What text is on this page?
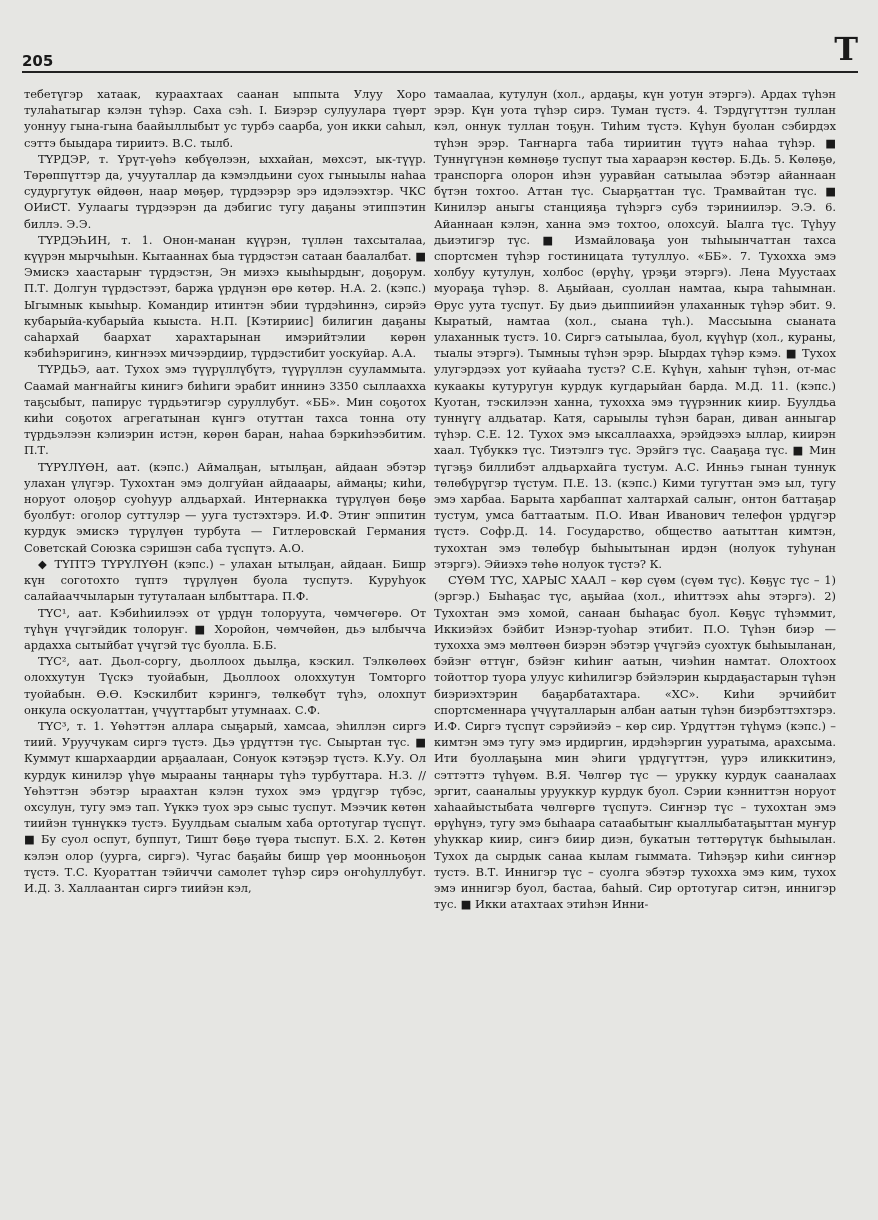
205	Т

тебетүгэр хатаак, кураахтаах саанан ыппыта Улуу Хоро тулаһатыгар кэлэн түһэр. Саха сэһ. I. Биэрэр сулуулара түөрт уоннуу гына-гына баайыллыбыт ус турбэ саарба, уон икки саһыл, сэттэ быыдара тириитэ. В.С. тылб.

ТҮРДЭР, т. Үрүт-үөһэ көбүөлээн, ыххайан, мөхсэт, ык-түүр. Төрөппүттэр да, учууталлар да кэмэлдьини суох гыныылы наһаа судургутук өйдөөн, наар мөҕөр, түрдээрэр эрэ идэлээхтэр. ЧКС ОИиСТ. Уулаагы түрдээрэн да дэбигис тугу даҕаны этиппэтин биллэ. Э.Э.

ТҮРДЭҺИН, т. 1. Онон-манан күүрэн, түллән тахсыталаа, күүрэн мырчыһын. Кытааннах быа түрдэстэн сатаан баалалбат. ■ Эмискэ хаастарыҥ түрдэстэн, Эн миэхэ кыыһырдыҥ, доҕорум. П.Т. Долгун түрдэстээт, баржа үрдүнэн өрө көтөр. Н.А. 2. (кэпс.) Ыгымнык кыыһыр. Командир итинтэн эбии түрдэһиннэ, сирэйэ кубарыйа-кубарыйа кыыста. Н.П. [Кэтириис] билигин даҕаны саһархай баархат харахтарынан имэрийтэлии көрөн кэбиһэригинэ, киҥнээх мичээрдиир, түрдэстибит уоскуйар. А.А.

ТҮРДЬЭ, аат. Тухох эмэ түүрүллүбүтэ, түүрүллэн сууламмыта. Саамай маҥнайгы кинигэ биһиги эрабит иннинэ 3350 сыллаахха таҕсыбыт, папирус түрдьэтигэр суруллубут. «ББ». Мин соҕотох киһи соҕотох агрегатынан күнгэ отуттан тахса тонна оту түрдьэлээн кэлиэрин истэн, көрөн баран, наһаа бэркиһээбитим. П.Т.

ТҮРҮЛҮӨН, аат. (кэпс.) Аймалҕан, ытылҕан, айдаан эбэтэр улахан үлүгэр. Тухохтан эмэ долгуйан айдааары, аймаңы; киһи, норуот олоҕор суоһуур алдьархай. Интернакка түрүлүөн бөҕө буолбут: оголор суттулэр — ууга тустэхтэрэ. И.Ф. Этиҥ эппитин курдук эмискэ түрүлүөн турбута — Гитлеровскай Германия Советскай Союзка сэришэн саба түспүтэ. А.О.

◆ ТҮПТЭ ТҮРҮЛҮӨН (кэпс.) – улахан ытылҕан, айдаан. Бишр күн соготохто түптэ түрүлүөн буола туспутэ. Куруһуок салайааччыларын тутуталаан ылбыттара. П.Ф.

ТҮС¹, аат. Кэбиһиилээх от үрдүн толоруута, чөмчөгөрө. От түһүн үчүгэйдик толоруҥ. ■ Хоройон, чөмчөйөн, дьэ ылбычча ардахха сытыйбат үчүгэй түс буолла. Б.Б.

ТҮС², аат. Дьол-соргу, дьоллоох дьылҕа, кэскил. Тэлкөлөөх олоххутун Түскэ туойабын, Дьоллоох олоххутун Томторго туойабын. Ө.Ө. Кэскилбит кэрингэ, төлкөбүт түһэ, олохпут онкула оскуолаттан, үчүүттарбыт утумнаах. С.Ф.

ТҮС³, т. 1. Үөһэттэн аллара сыҕарый, хамсаа, эһиллэн сиргэ тиий. Уруучукам сиргэ түстэ. Дьэ үрдүттэн түс. Сыыртан түс. ■ Куммут кшархаардии арҕаалаан, Сонуок кэтэҕэр түстэ. К.Уу. Ол курдук кинилэр үһүө мырааны таңнары түһэ турбуттара. Н.З. // Үөһэттэн эбэтэр ыраахтан кэлэн тухох эмэ үрдүгэр түбэс, охсулун, тугу эмэ тап. Үүккэ туох эрэ сыыс туспут. Мээчик көтөн тиийэн түннүккэ тустэ. Буулдьам сыалым хаба ортотугар түспүт. ■ Бу суол оспут, буппут, Тишт бөҕө түөра тыспут. Б.Х. 2. Көтөн кэлэн олор (уурга, сиргэ). Чугас баҕайы бишр үөр моонньоҕон түстэ. Т.С. Куораттан тэйиччи самолет түһэр сирэ оҥоһуллубут. И.Д. 3. Халлаантан сиргэ тиийэн кэл,

тамаалаа, кутулун (хол., ардаҕы, күн уотун этэргэ). Ардах түһэн эрэр. Күн уота түһэр сирэ. Туман түстэ. 4. Тэрдүгүттэн туллан кэл, оннук туллан тоҕун. Тиһим түстэ. Күһун буолан сэбирдэх түһэн эрэр. Таҥнарга таба тириитин түүтэ наһаа түһэр. ■ Туннүгүнэн көмнөҕө туспут тыа хараарэн көстөр. Б.Дь. 5. Көлөҕө, транспорга олорон иһэн ууравйан сатыылаа эбэтэр айаннаан бүтэн тохтоо. Аттан түс. Сыарҕаттан түс. Трамвайтан түс. ■ Кинилэр аныгы станцияҕа түһэргэ субэ тэриниилэр. Э.Э. 6. Айаннаан кэлэн, ханна эмэ тохтоо, олохсуй. Ыалга түс. Түһуу дьиэтигэр түс. ■ Измайловаҕа уон тыһыынчаттан тахса спортсмен түһэр гостиницата тутуллуо. «ББ». 7. Тухохха эмэ холбуу кутулун, холбос (өрүһү, үрэҕи этэргэ). Лена Муустаах муораҕа түһэр. 8. Аҕыйаан, суоллан намтаа, кыра таһымнан. Өрус уута туспут. Бу дьиэ дьиппиийэн улаханнык түһэр эбит. 9. Кыратый, намтаа (хол., сыана түһ.). Массыына сыаната улаханнык тустэ. 10. Сиргэ сатыылаа, буол, күүһүр (хол., кураны, тыалы этэргэ). Тымныы түһэн эрэр. Ыырдах түһэр кэмэ. ■ Тухох улугэрдээх уот куйааһа тустэ? С.Е. Күһүн, хаһыҥ түһэн, от-мас кукаакы кутуругун курдук кугдарыйан барда. М.Д. 11. (кэпс.) Куотан, тэскилээн ханна, тухохха эмэ түүрэнник киир. Буулдьа туннүгү алдьатар. Катя, сарыылы түһэн баран, диван анныгар түһэр. С.Е. 12. Тухох эмэ ыксаллаахха, эрэйдээхэ ыллар, киирэн хаал. Түбуккэ түс. Тиэтэлгэ түс. Эрэйгэ түс. Сааҕаҕа түс. ■ Мин түгэҕэ биллибэт алдьархайга тустум. А.С. Инньэ гынан туннук төлөбүрүгэр түстум. П.Е. 13. (кэпс.) Кими тугуттан эмэ ыл, тугу эмэ харбаа. Барыта харбаппат халтархай салыҥ, онтон баттаҕар тустум, умса баттаатым. П.О. Иван Иванович телефон үрдүгэр түстэ. Софр.Д. 14. Государство, общество аатыттан кимтэн, тухохтан эмэ төлөбүр быһыытынан ирдэн (нолуок туһунан этэргэ). Эйиэхэ төһө нолуок түстэ? К.

СҮӨМ ТҮС, ХАРЫС ХААЛ – көр сүөм (сүөм түс). Көҕүс түс – 1) (эргэр.) Быһаҕас түс, аҕыйаа (хол., иһиттээх аһы этэргэ). 2) Тухохтан эмэ хомой, санаан быһаҕас буол. Көҕүс түһэммит, Иккиэйэх бэйбит Иэнэр-туоһар этибит. П.О. Түһэн биэр — тухохха эмэ мөлтөөн биэрэн эбэтэр үчүгэйэ суохтук быһыыланан, бэйэҥ өттүҥ, бэйэҥ киһиҥ аатын, чиэһин намтат. Олохтоох тойоттор туора улуус киһилигэр бэйэлэрин кырдаҕастарын түһэн биэриэхтэрин баҕарбатахтара. «ХС». Киһи эрчийбит спортсменнара үчүүталларын албан аатын түһэн биэрбэттэхтэрэ. И.Ф. Сиргэ түспүт сэрэйиэйэ – көр сир. Үрдүттэн түһүмэ (кэпс.) – кимтэн эмэ тугу эмэ ирдиргин, ирдэһэргин ууратыма, арахсыма. Ити буоллаҕына мин эһиги үрдүгүттэн, үурэ иликкитинэ, сэттэттэ түһүөм. В.Я. Чөлгөр түс — урукку курдук сааналаах эргит, сааналыы урууккур курдук буол. Сэрии кэнниттэн норуот хаһаайыстыбата чөлгөргө түспутэ. Сиҥнэр түс – тухохтан эмэ өрүһүнэ, тугу эмэ быһаара сатаабытыҥ кыаллыбатаҕыттан муҥур уһуккар киир, сиҥэ биир диэн, букатын төттөрүтүк быһыылан. Тухох да сырдык санаа кылам гыммата. Тиһэҕэр киһи сиҥнэр тустэ. В.Т. Иннигэр түс – суолга эбэтэр тухохха эмэ ким, тухох эмэ иннигэр буол, бастаа, баһый. Сир ортотугар ситэн, иннигэр тус. ■ Икки атахтаах этиһэн Инни-
